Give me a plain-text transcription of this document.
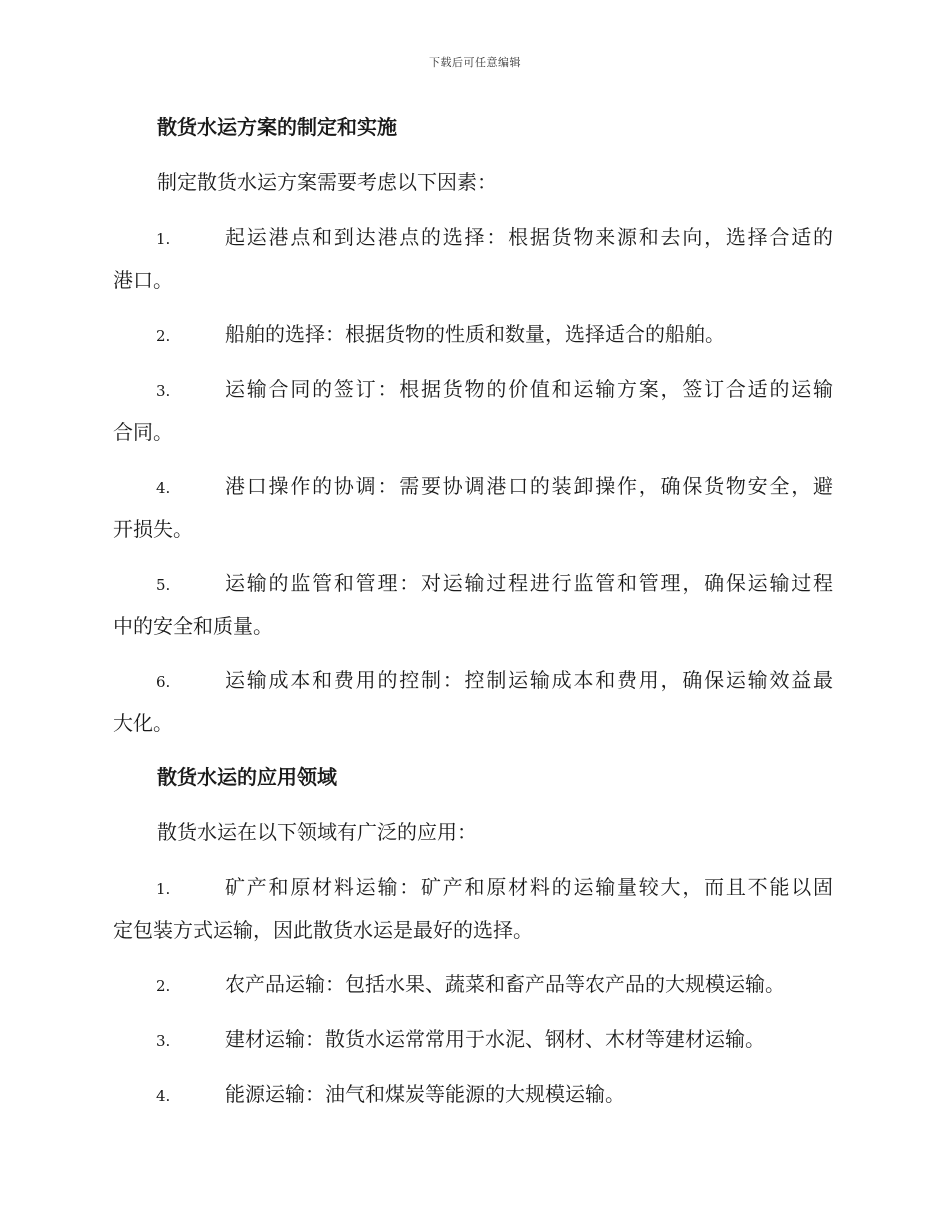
下载后可任意编辑
散货水运方案的制定和实施
制定散货水运方案需要考虑以下因素：
1.	起运港点和到达港点的选择：根据货物来源和去向，选择合适的
港口。
2.	船舶的选择：根据货物的性质和数量，选择适合的船舶。
3.	运输合同的签订：根据货物的价值和运输方案，签订合适的运输
合同。
4.	港口操作的协调：需要协调港口的装卸操作，确保货物安全，避
开损失。
5.	运输的监管和管理：对运输过程进行监管和管理，确保运输过程
中的安全和质量。
6.	运输成本和费用的控制：控制运输成本和费用，确保运输效益最
大化。
散货水运的应用领域
散货水运在以下领域有广泛的应用：
1.	矿产和原材料运输：矿产和原材料的运输量较大，而且不能以固
定包装方式运输，因此散货水运是最好的选择。
2.	农产品运输：包括水果、蔬菜和畜产品等农产品的大规模运输。
3.	建材运输：散货水运常常用于水泥、钢材、木材等建材运输。
4.	能源运输：油气和煤炭等能源的大规模运输。
